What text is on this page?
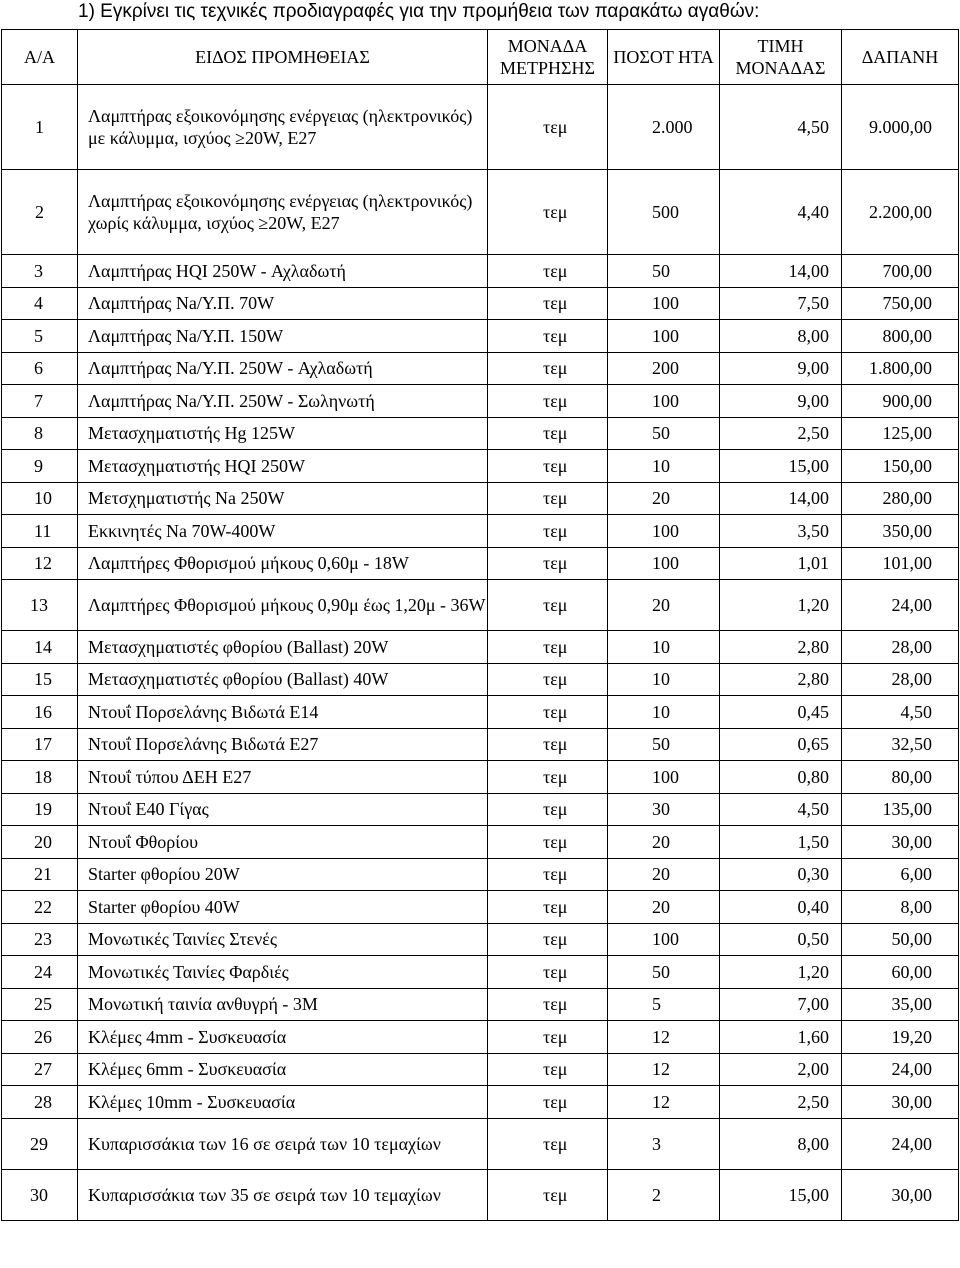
1) Εγκρίνει τις τεχνικές προδιαγραφές για την προμήθεια των παρακάτω αγαθών:
Α/Α	ΕΙΔΟΣ ΠΡΟΜΗΘΕΙΑΣ	ΜΟΝΑΔΑ ΜΕΤΡΗΣΗΣ	ΠΟΣΟΤ ΗΤΑ	ΤΙΜΗ ΜΟΝΑΔΑΣ	ΔΑΠΑΝΗ
1	Λαμπτήρας εξοικονόμησης ενέργειας (ηλεκτρονικός) με κάλυμμα, ισχύος ≥20W, Ε27	τεμ	2.000	4,50	9.000,00
2	Λαμπτήρας εξοικονόμησης ενέργειας (ηλεκτρονικός) χωρίς κάλυμμα, ισχύος ≥20W, Ε27	τεμ	500	4,40	2.200,00
3	Λαμπτήρας HQI 250W - Αχλαδωτή	τεμ	50	14,00	700,00
4	Λαμπτήρας Na/Υ.Π. 70W	τεμ	100	7,50	750,00
5	Λαμπτήρας Na/Υ.Π. 150W	τεμ	100	8,00	800,00
6	Λαμπτήρας Na/Υ.Π. 250W - Αχλαδωτή	τεμ	200	9,00	1.800,00
7	Λαμπτήρας Na/Υ.Π. 250W - Σωληνωτή	τεμ	100	9,00	900,00
8	Μετασχηματιστής Hg 125W	τεμ	50	2,50	125,00
9	Μετασχηματιστής HQI 250W	τεμ	10	15,00	150,00
10	Μετσχηματιστής Na 250W	τεμ	20	14,00	280,00
11	Εκκινητές Na 70W-400W	τεμ	100	3,50	350,00
12	Λαμπτήρες Φθορισμού μήκους 0,60μ - 18W	τεμ	100	1,01	101,00
13	Λαμπτήρες Φθορισμού μήκους 0,90μ έως 1,20μ - 36W	τεμ	20	1,20	24,00
14	Μετασχηματιστές φθορίου (Ballast) 20W	τεμ	10	2,80	28,00
15	Μετασχηματιστές φθορίου (Ballast) 40W	τεμ	10	2,80	28,00
16	Ντουΐ Πορσελάνης Βιδωτά Ε14	τεμ	10	0,45	4,50
17	Ντουΐ Πορσελάνης Βιδωτά Ε27	τεμ	50	0,65	32,50
18	Ντουΐ τύπου ΔΕΗ Ε27	τεμ	100	0,80	80,00
19	Ντουΐ Ε40 Γίγας	τεμ	30	4,50	135,00
20	Ντουΐ Φθορίου	τεμ	20	1,50	30,00
21	Starter φθορίου 20W	τεμ	20	0,30	6,00
22	Starter φθορίου 40W	τεμ	20	0,40	8,00
23	Μονωτικές Ταινίες Στενές	τεμ	100	0,50	50,00
24	Μονωτικές Ταινίες Φαρδιές	τεμ	50	1,20	60,00
25	Μονωτική ταινία ανθυγρή - 3M	τεμ	5	7,00	35,00
26	Κλέμες 4mm - Συσκευασία	τεμ	12	1,60	19,20
27	Κλέμες 6mm - Συσκευασία	τεμ	12	2,00	24,00
28	Κλέμες 10mm - Συσκευασία	τεμ	12	2,50	30,00
29	Κυπαρισσάκια των 16 σε σειρά των 10 τεμαχίων	τεμ	3	8,00	24,00
30	Κυπαρισσάκια των 35 σε σειρά των 10 τεμαχίων	τεμ	2	15,00	30,00
